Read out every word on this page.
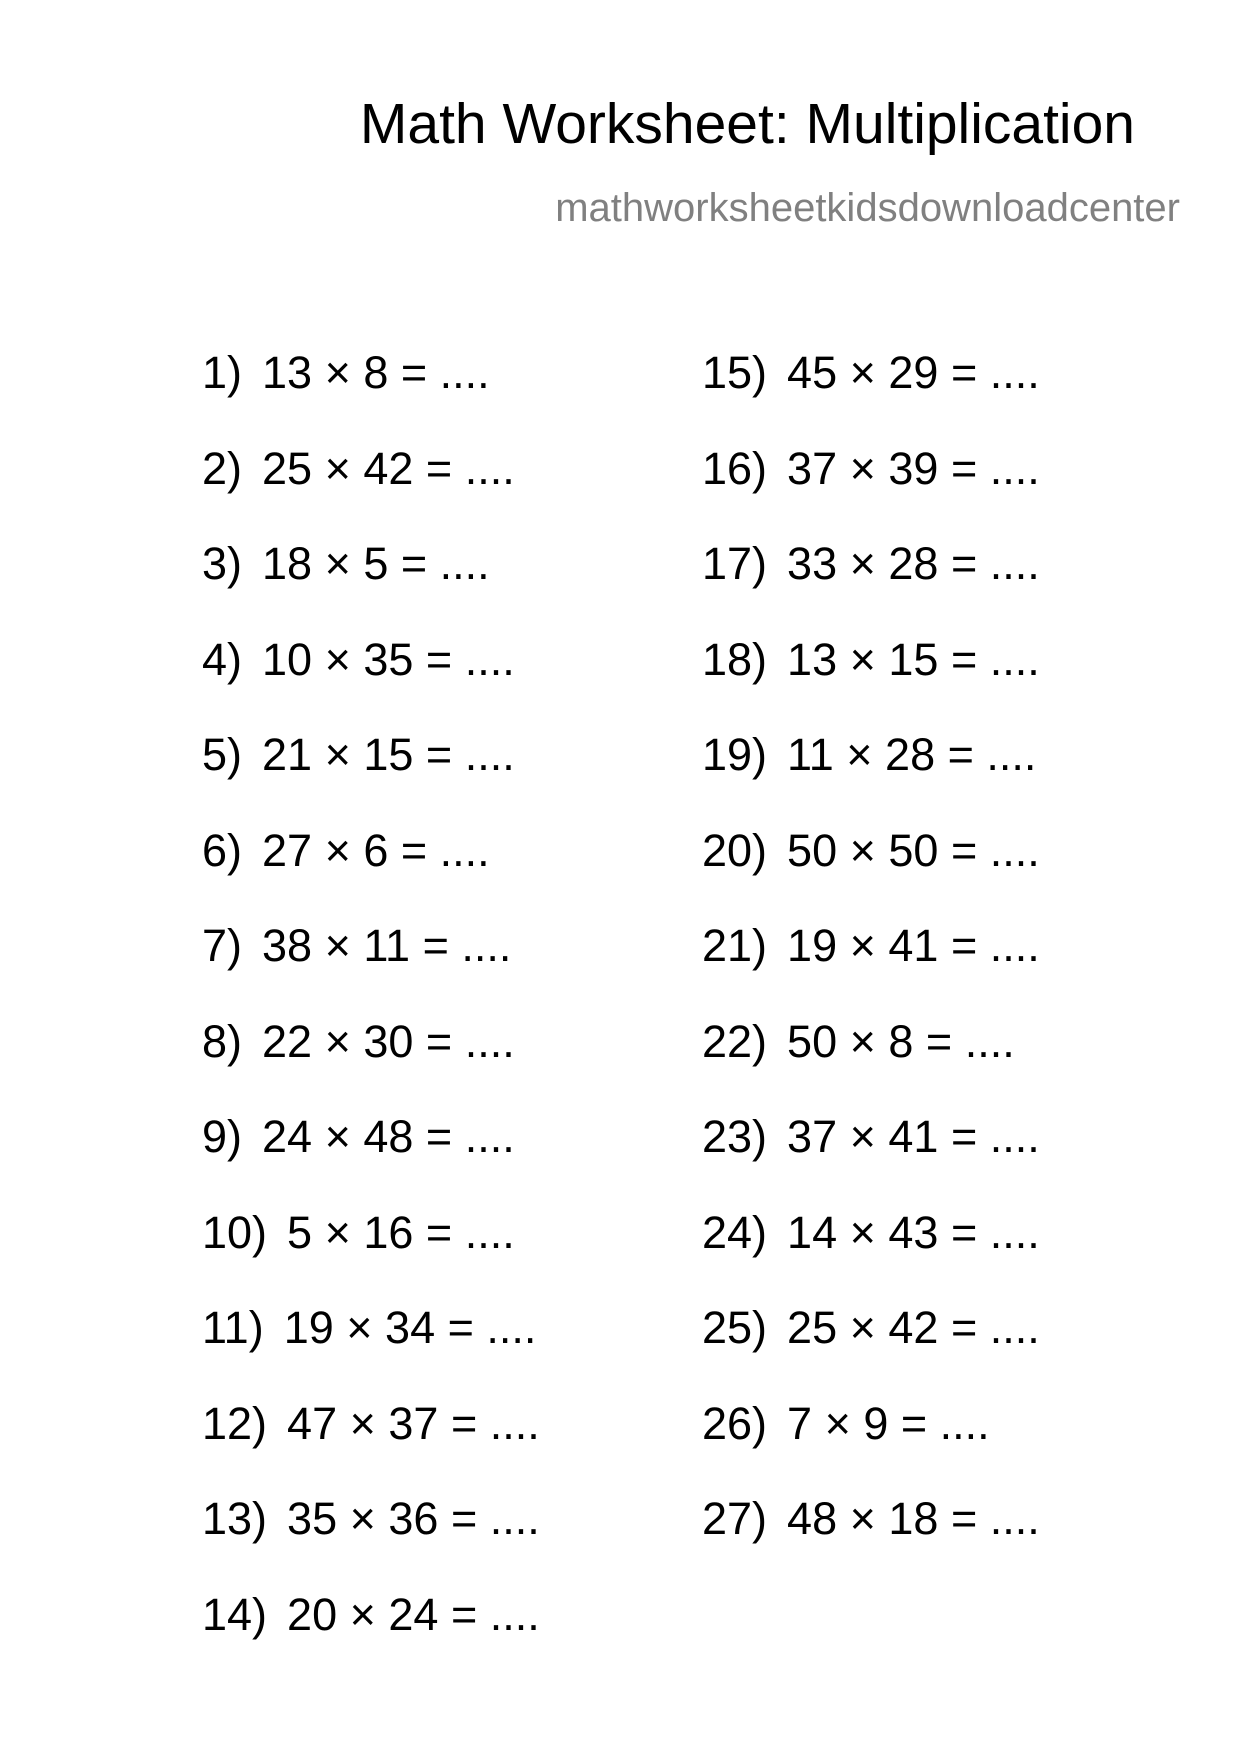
Math Worksheet: Multiplication
mathworksheetkidsdownloadcenter
1) 13 × 8 = ....
2) 25 × 42 = ....
3) 18 × 5 = ....
4) 10 × 35 = ....
5) 21 × 15 = ....
6) 27 × 6 = ....
7) 38 × 11 = ....
8) 22 × 30 = ....
9) 24 × 48 = ....
10) 5 × 16 = ....
11) 19 × 34 = ....
12) 47 × 37 = ....
13) 35 × 36 = ....
14) 20 × 24 = ....
15) 45 × 29 = ....
16) 37 × 39 = ....
17) 33 × 28 = ....
18) 13 × 15 = ....
19) 11 × 28 = ....
20) 50 × 50 = ....
21) 19 × 41 = ....
22) 50 × 8 = ....
23) 37 × 41 = ....
24) 14 × 43 = ....
25) 25 × 42 = ....
26) 7 × 9 = ....
27) 48 × 18 = ....
